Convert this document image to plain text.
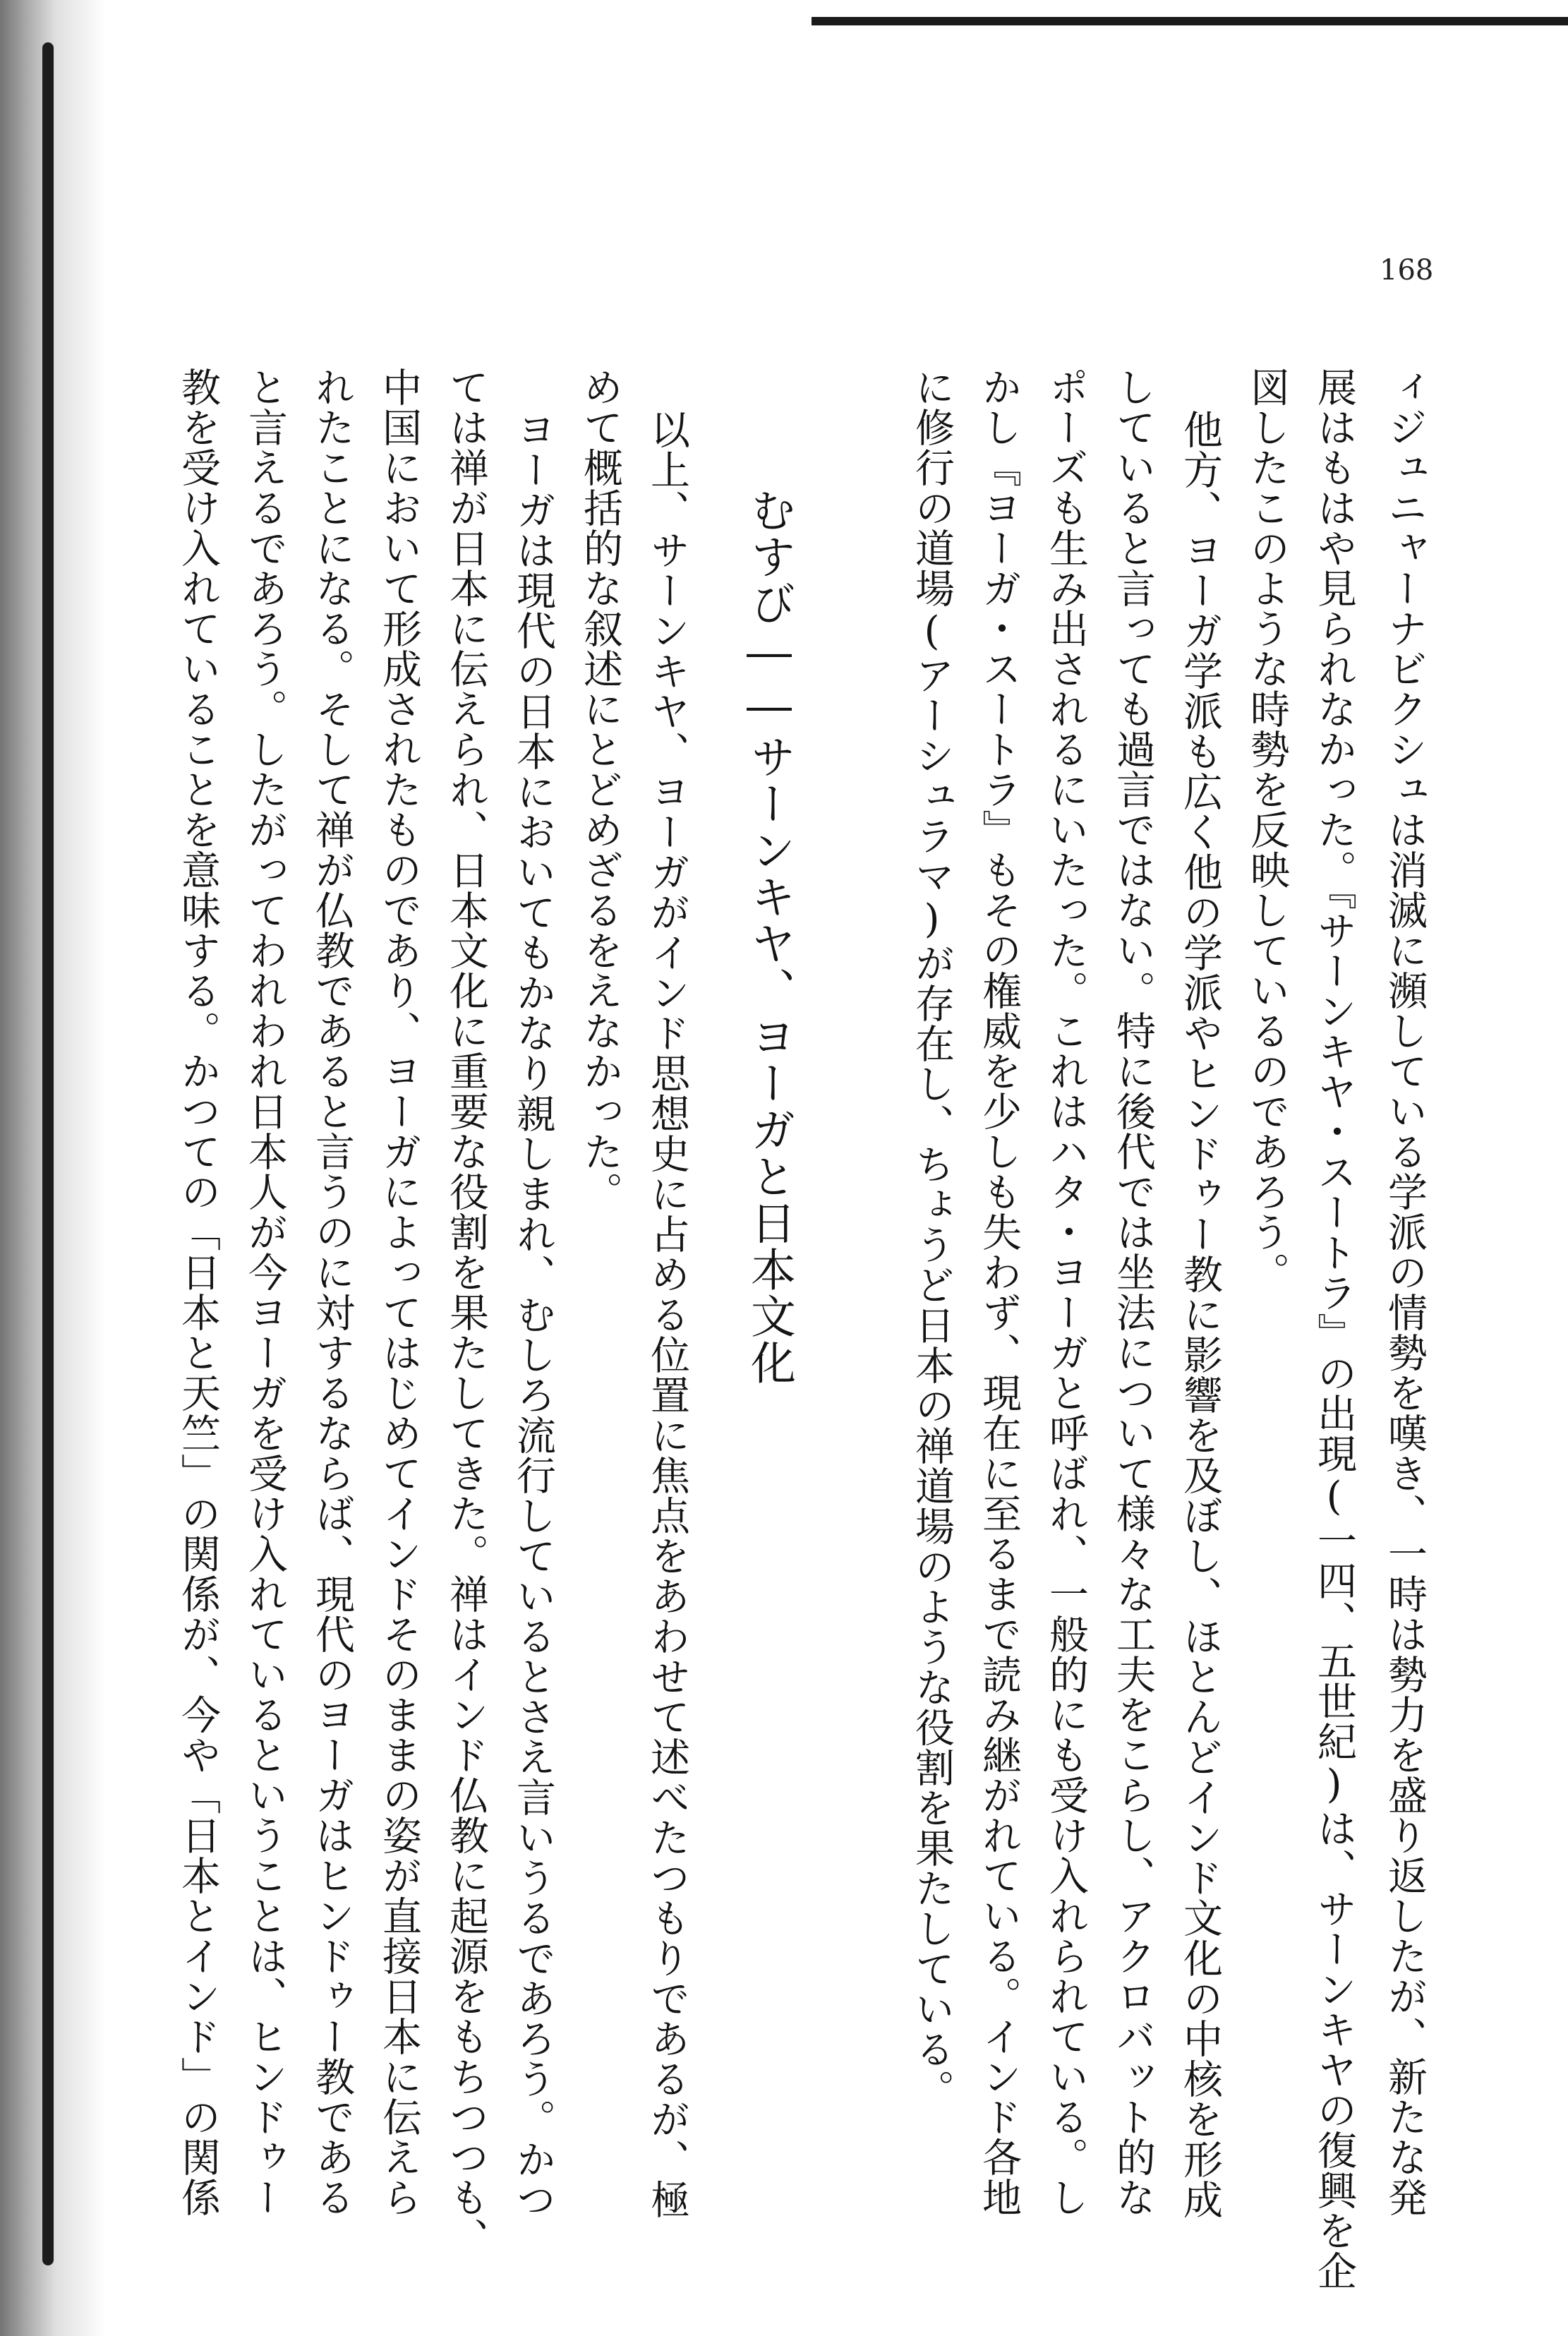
168
ィジュニャーナビクシュは消滅に瀕している学派の情勢を嘆き、一時は勢力を盛り返したが、新たな発
展はもはや見られなかった。『サーンキヤ・スートラ』の出現(一四、五世紀)は、サーンキヤの復興を企
図したこのような時勢を反映しているのであろう。
他方、ヨーガ学派も広く他の学派やヒンドゥー教に影響を及ぼし、ほとんどインド文化の中核を形成
していると言っても過言ではない。特に後代では坐法について様々な工夫をこらし、アクロバット的な
ポーズも生み出されるにいたった。これはハタ・ヨーガと呼ばれ、一般的にも受け入れられている。し
かし『ヨーガ・スートラ』もその権威を少しも失わず、現在に至るまで読み継がれている。インド各地
に修行の道場(アーシュラマ)が存在し、ちょうど日本の禅道場のような役割を果たしている。
むすび――サーンキヤ、ヨーガと日本文化
以上、サーンキヤ、ヨーガがインド思想史に占める位置に焦点をあわせて述べたつもりであるが、極
めて概括的な叙述にとどめざるをえなかった。
ヨーガは現代の日本においてもかなり親しまれ、むしろ流行しているとさえ言いうるであろう。かつ
ては禅が日本に伝えられ、日本文化に重要な役割を果たしてきた。禅はインド仏教に起源をもちつつも、
中国において形成されたものであり、ヨーガによってはじめてインドそのままの姿が直接日本に伝えら
れたことになる。そして禅が仏教であると言うのに対するならば、現代のヨーガはヒンドゥー教である
と言えるであろう。したがってわれわれ日本人が今ヨーガを受け入れているということは、ヒンドゥー
教を受け入れていることを意味する。かつての「日本と天竺」の関係が、今や「日本とインド」の関係
